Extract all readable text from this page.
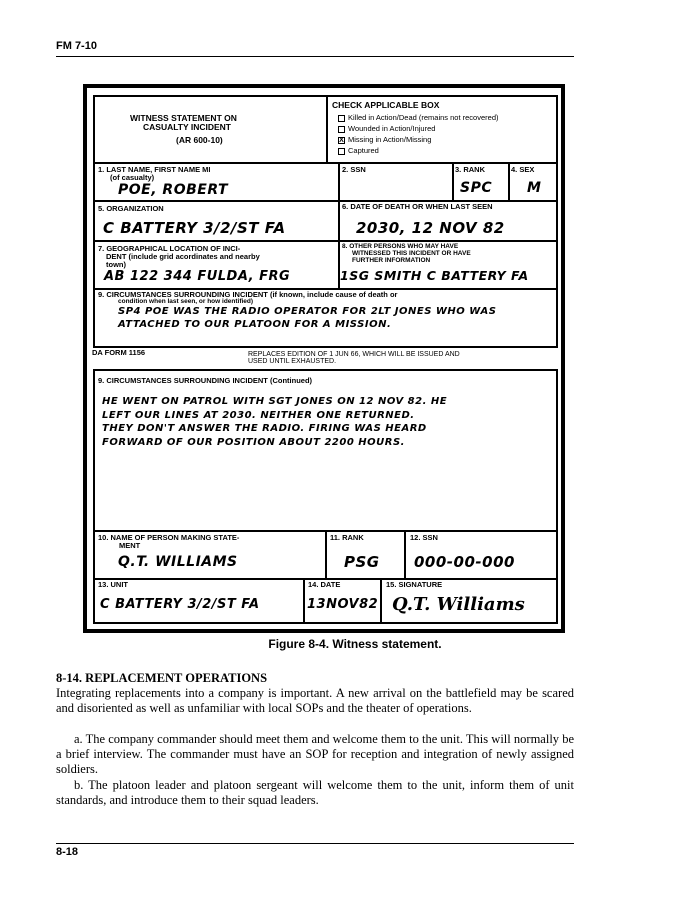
FM 7-10
WITNESS STATEMENT ON
CASUALTY INCIDENT
(AR 600-10)
CHECK APPLICABLE BOX
Killed in Action/Dead (remains not recovered)
Wounded in Action/Injured
X Missing in Action/Missing
Captured
1. LAST NAME, FIRST NAME MI
(of casualty)
POE, ROBERT
2. SSN	3. RANK
SPC
4. SEX
M
5. ORGANIZATION
C BATTERY 3/2/ST FA
6. DATE OF DEATH OR WHEN LAST SEEN
2030, 12 NOV 82
7. GEOGRAPHICAL LOCATION OF INCI-
DENT (include grid acordinates and nearby
town)
AB 122 344 FULDA, FRG
8. OTHER PERSONS WHO MAY HAVE
WITNESSED THIS INCIDENT OR HAVE
FURTHER INFORMATION
1SG SMITH C BATTERY FA
9. CIRCUMSTANCES SURROUNDING INCIDENT (if known, include cause of death or
condition when last seen, or how identified)
SP4 POE WAS THE RADIO OPERATOR FOR 2LT JONES WHO WAS
ATTACHED TO OUR PLATOON FOR A MISSION.
DA FORM 1156	REPLACES EDITION OF 1 JUN 66, WHICH WILL BE ISSUED AND
USED UNTIL EXHAUSTED.
9. CIRCUMSTANCES SURROUNDING INCIDENT (Continued)
HE WENT ON PATROL WITH SGT JONES ON 12 NOV 82. HE
LEFT OUR LINES AT 2030. NEITHER ONE RETURNED.
THEY DON'T ANSWER THE RADIO. FIRING WAS HEARD
FORWARD OF OUR POSITION ABOUT 2200 HOURS.
10. NAME OF PERSON MAKING STATE-
MENT
Q.T. WILLIAMS
11. RANK
PSG
12. SSN
000-00-000
13. UNIT
C BATTERY 3/2/ST FA
14. DATE
13NOV82
15. SIGNATURE
Q.T. Williams
Figure 8-4. Witness statement.
8-14. REPLACEMENT OPERATIONS
Integrating replacements into a company is important. A new arrival on the battlefield may be scared and disoriented as well as unfamiliar with local SOPs and the theater of operations.
a. The company commander should meet them and welcome them to the unit. This will normally be a brief interview. The commander must have an SOP for reception and integration of newly assigned soldiers.
b. The platoon leader and platoon sergeant will welcome them to the unit, inform them of unit standards, and introduce them to their squad leaders.
8-18
